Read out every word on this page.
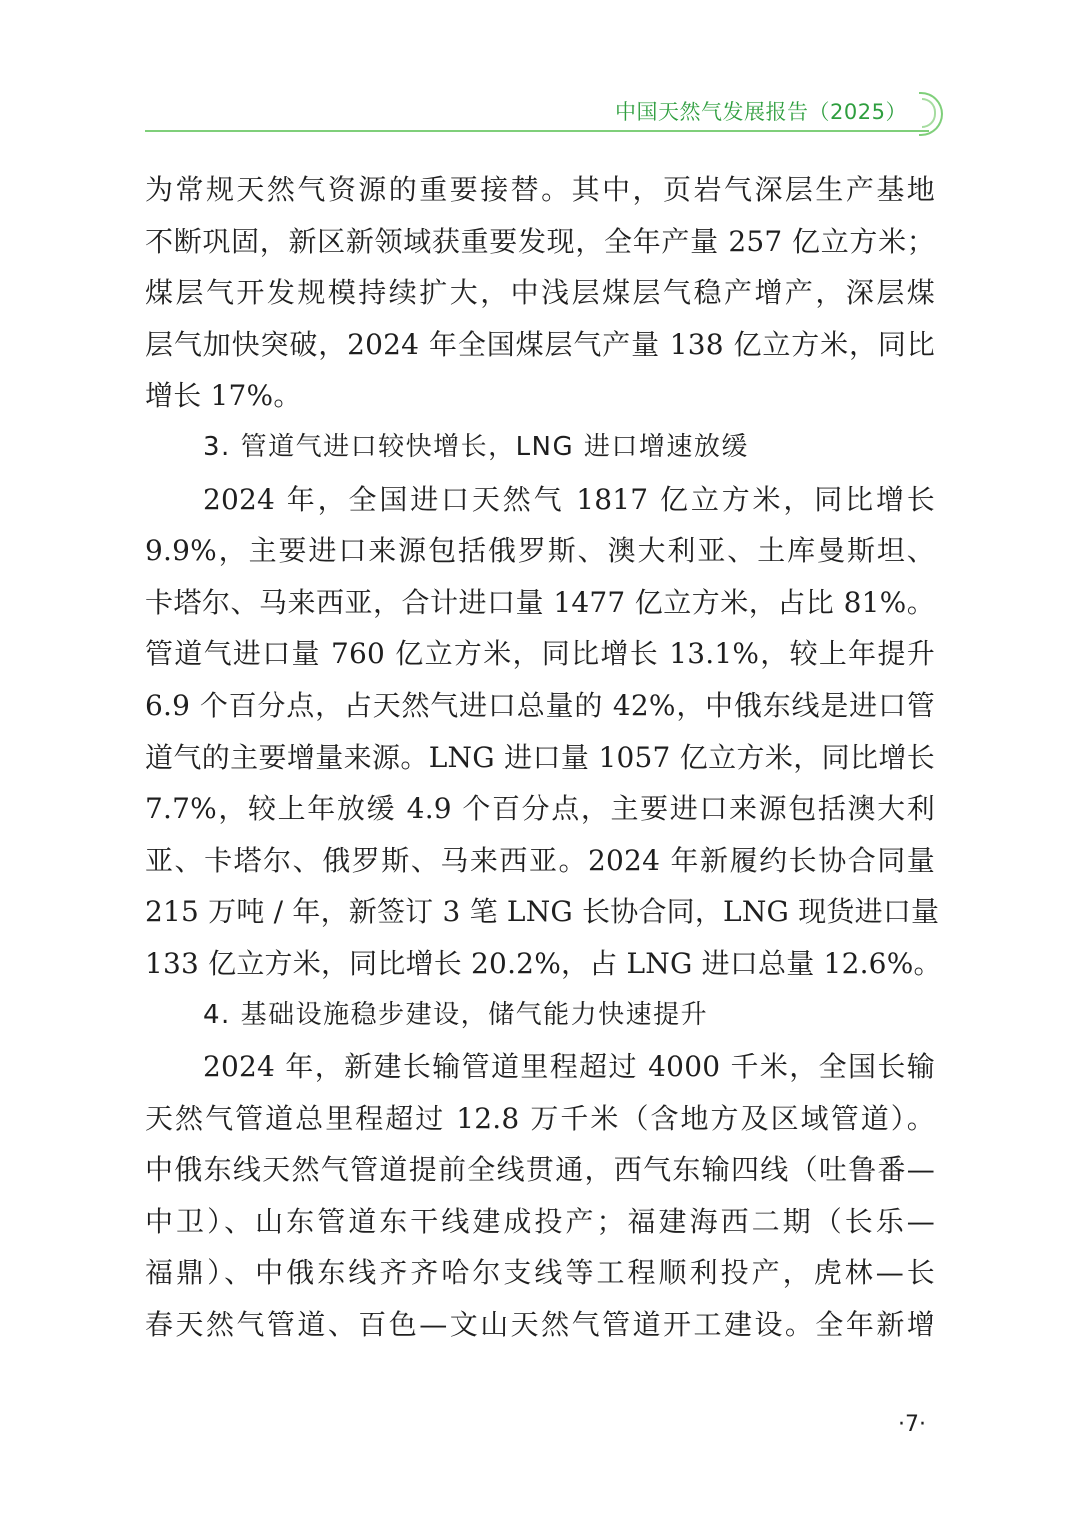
中国天然气发展报告（2025）
为常规天然气资源的重要接替。其中，页岩气深层生产基地
不断巩固，新区新领域获重要发现，全年产量 257 亿立方米；
煤层气开发规模持续扩大，中浅层煤层气稳产增产，深层煤
层气加快突破，2024 年全国煤层气产量 138 亿立方米，同比
增长 17%。
3. 管道气进口较快增长，LNG 进口增速放缓
2024 年，全国进口天然气 1817 亿立方米，同比增长
9.9%，主要进口来源包括俄罗斯、澳大利亚、土库曼斯坦、
卡塔尔、马来西亚，合计进口量 1477 亿立方米，占比 81%。
管道气进口量 760 亿立方米，同比增长 13.1%，较上年提升
6.9 个百分点，占天然气进口总量的 42%，中俄东线是进口管
道气的主要增量来源。LNG 进口量 1057 亿立方米，同比增长
7.7%，较上年放缓 4.9 个百分点，主要进口来源包括澳大利
亚、卡塔尔、俄罗斯、马来西亚。2024 年新履约长协合同量
215 万吨 / 年，新签订 3 笔 LNG 长协合同，LNG 现货进口量
133 亿立方米，同比增长 20.2%，占 LNG 进口总量 12.6%。
4. 基础设施稳步建设，储气能力快速提升
2024 年，新建长输管道里程超过 4000 千米，全国长输
天然气管道总里程超过 12.8 万千米（含地方及区域管道）。
中俄东线天然气管道提前全线贯通，西气东输四线（吐鲁番—
中卫）、山东管道东干线建成投产；福建海西二期（长乐—
福鼎）、中俄东线齐齐哈尔支线等工程顺利投产，虎林—长
春天然气管道、百色—文山天然气管道开工建设。全年新增
·7·
